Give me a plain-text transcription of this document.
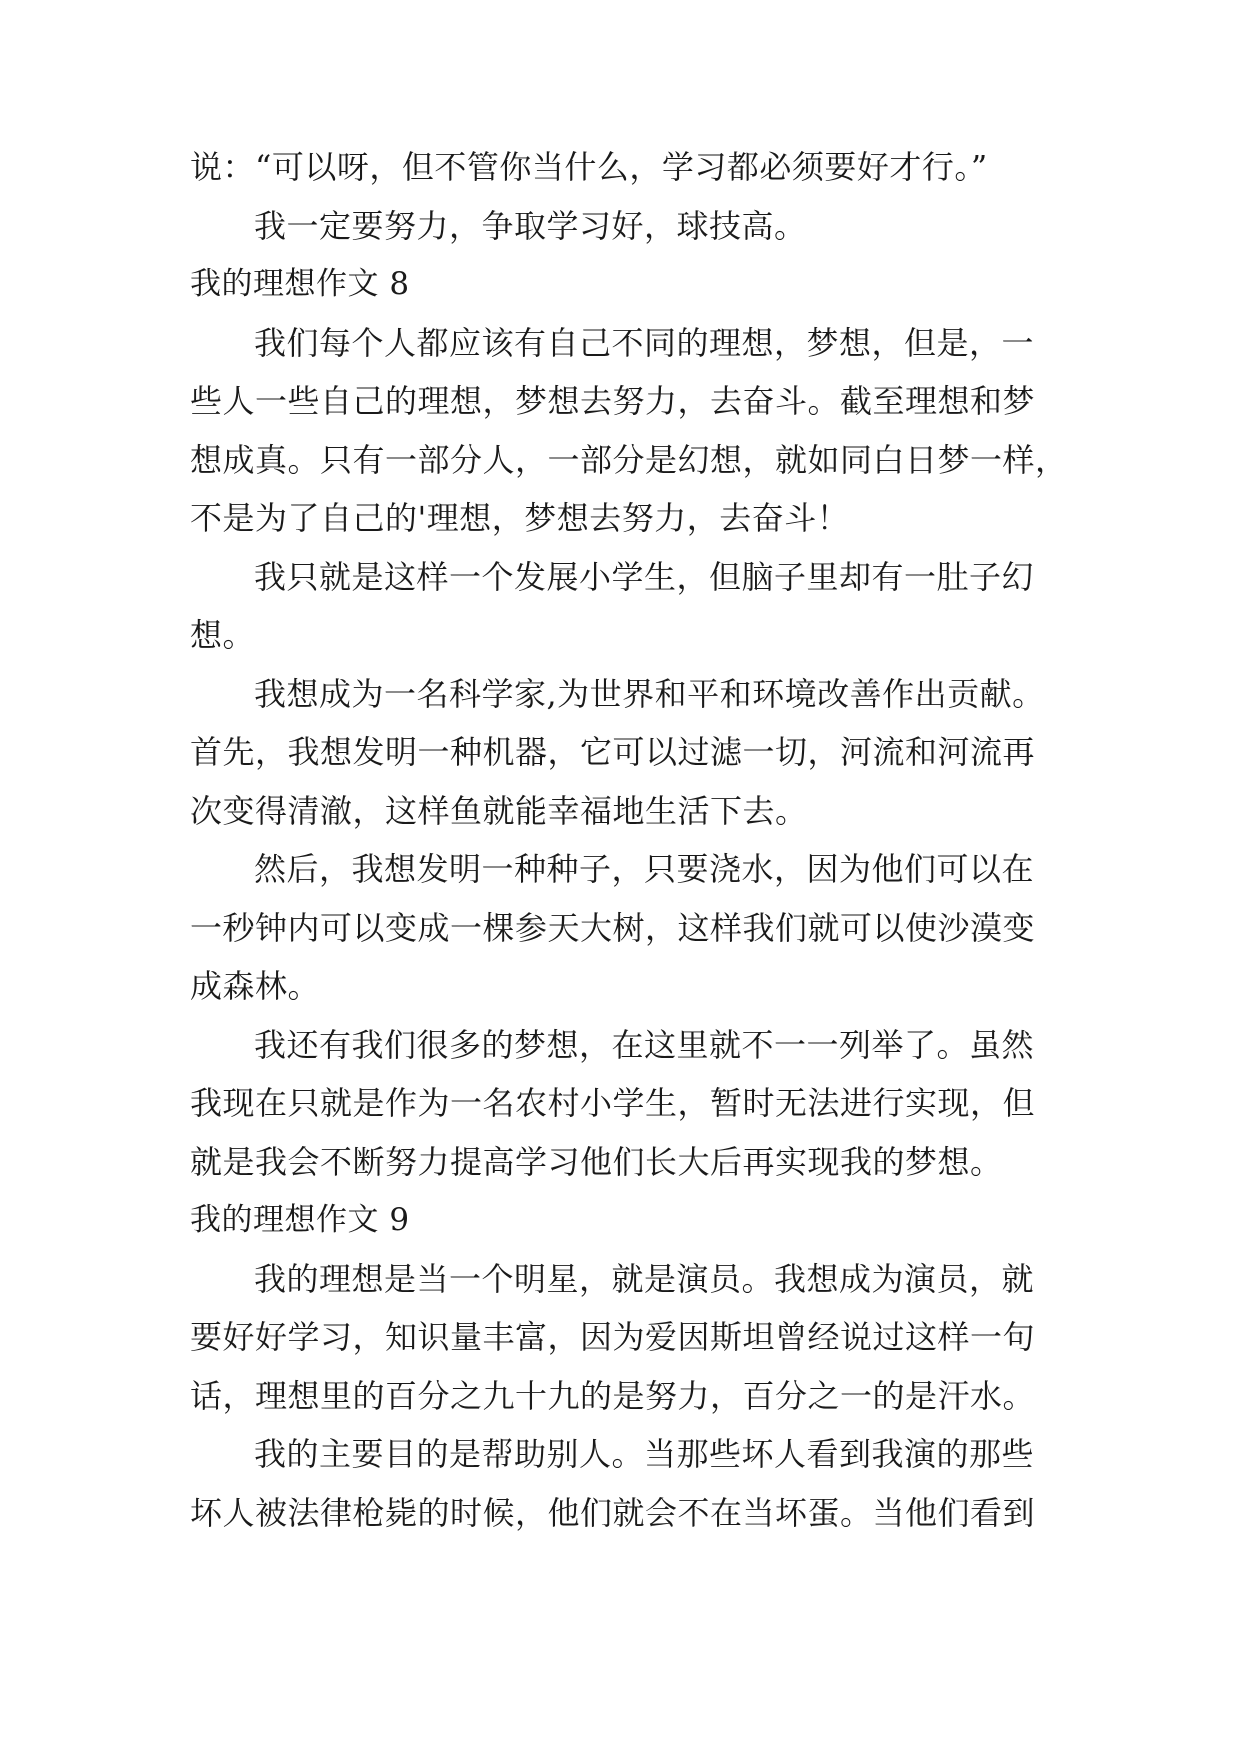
说：“可以呀，但不管你当什么，学习都必须要好才行。”
我一定要努力，争取学习好，球技高。
我的理想作文 8
我们每个人都应该有自己不同的理想，梦想，但是，一
些人一些自己的理想，梦想去努力，去奋斗。截至理想和梦
想成真。只有一部分人，一部分是幻想，就如同白日梦一样，
不是为了自己的'理想，梦想去努力，去奋斗！
我只就是这样一个发展小学生，但脑子里却有一肚子幻
想。
我想成为一名科学家,为世界和平和环境改善作出贡献。
首先，我想发明一种机器，它可以过滤一切，河流和河流再
次变得清澈，这样鱼就能幸福地生活下去。
然后，我想发明一种种子，只要浇水，因为他们可以在
一秒钟内可以变成一棵参天大树，这样我们就可以使沙漠变
成森林。
我还有我们很多的梦想，在这里就不一一列举了。虽然
我现在只就是作为一名农村小学生，暂时无法进行实现，但
就是我会不断努力提高学习他们长大后再实现我的梦想。
我的理想作文 9
我的理想是当一个明星，就是演员。我想成为演员，就
要好好学习，知识量丰富，因为爱因斯坦曾经说过这样一句
话，理想里的百分之九十九的是努力，百分之一的是汗水。
我的主要目的是帮助别人。当那些坏人看到我演的那些
坏人被法律枪毙的时候，他们就会不在当坏蛋。当他们看到
